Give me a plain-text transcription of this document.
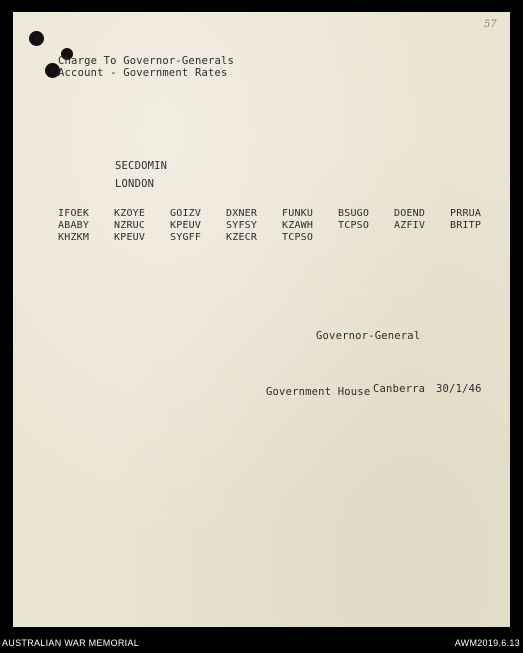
57
Charge To Governor-Generals
Account - Government Rates
SECDOMIN
LONDON
IFOEK	KZOYE	GOIZV	DXNER	FUNKU	BSUGO	DOEND	PRRUA
ABABY	NZRUC	KPEUV	SYFSY	KZAWH	TCPSO	AZFIV	BRITP
KHZKM	KPEUV	SYGFF	KZECR	TCPSO
Governor-General
Government House Canberra 30/1/46
AUSTRALIAN WAR MEMORIAL	AWM2019.6.13
